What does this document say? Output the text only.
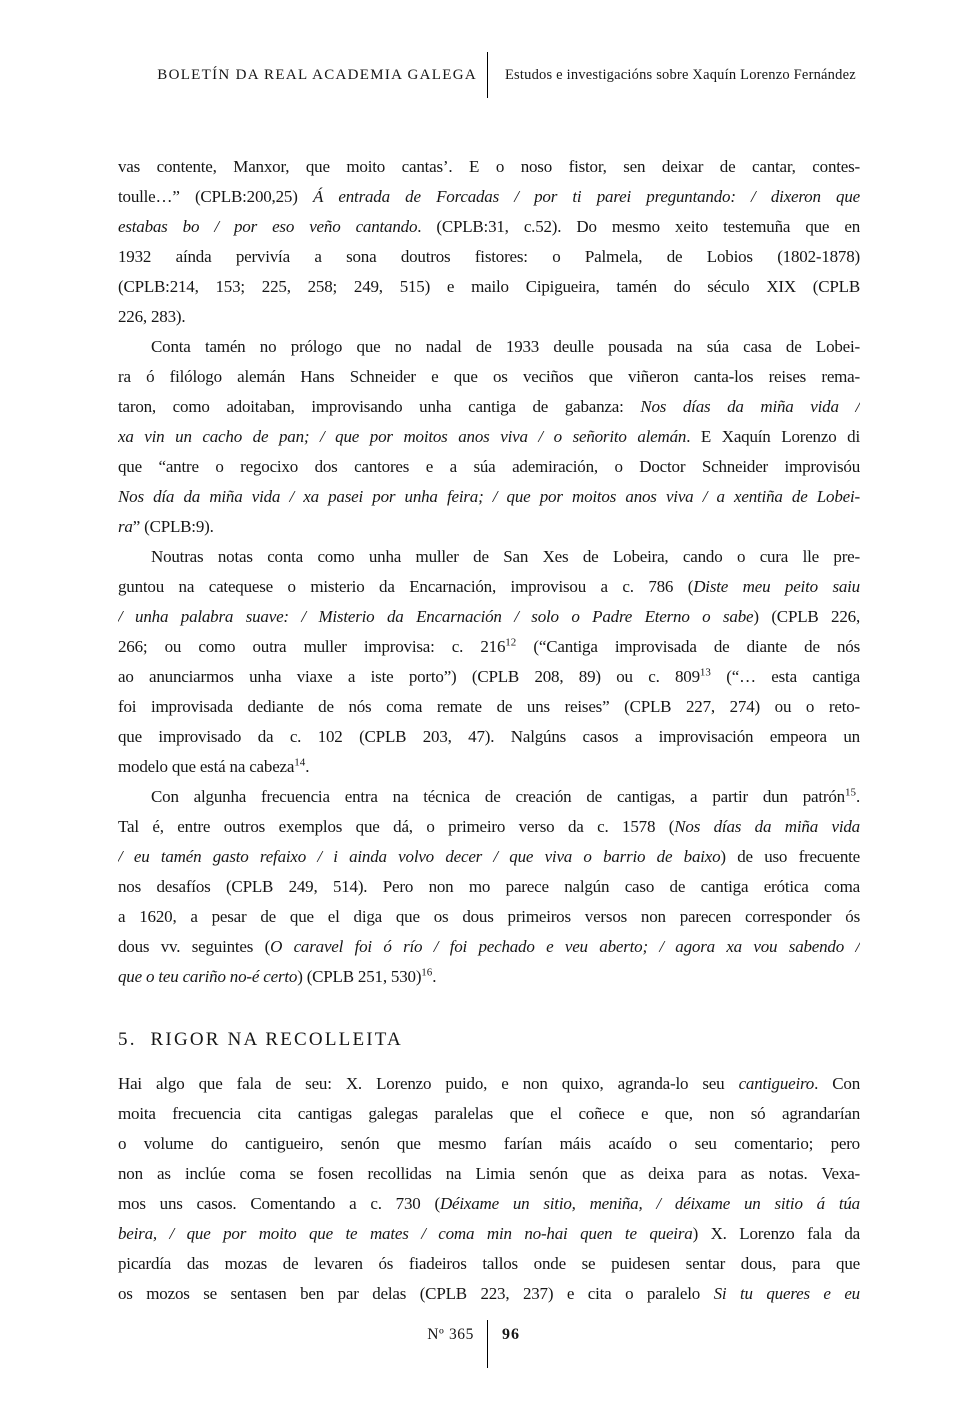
BOLETÍN DA REAL ACADEMIA GALEGA	Estudos e investigacións sobre Xaquín Lorenzo Fernández
vas contente, Manxor, que moito cantas’. E o noso fistor, sen deixar de cantar, contes-
toulle…” (CPLB:200,25) Á entrada de Forcadas / por ti parei preguntando: / dixeron que
estabas bo / por eso veño cantando. (CPLB:31, c.52). Do mesmo xeito testemuña que en
1932 aínda pervivía a sona doutros fistores: o Palmela, de Lobios (1802-1878)
(CPLB:214, 153; 225, 258; 249, 515) e mailo Cipigueira, tamén do século XIX (CPLB
226, 283).
Conta tamén no prólogo que no nadal de 1933 deulle pousada na súa casa de Lobei-
ra ó filólogo alemán Hans Schneider e que os veciños que viñeron canta-los reises rema-
taron, como adoitaban, improvisando unha cantiga de gabanza: Nos días da miña vida /
xa vin un cacho de pan; / que por moitos anos viva / o señorito alemán. E Xaquín Lorenzo di
que “antre o regocixo dos cantores e a súa ademiración, o Doctor Schneider improvisóu
Nos día da miña vida / xa pasei por unha feira; / que por moitos anos viva / a xentiña de Lobei-
ra” (CPLB:9).
Noutras notas conta como unha muller de San Xes de Lobeira, cando o cura lle pre-
guntou na catequese o misterio da Encarnación, improvisou a c. 786 (Diste meu peito saiu
/ unha palabra suave: / Misterio da Encarnación / solo o Padre Eterno o sabe) (CPLB 226,
266; ou como outra muller improvisa: c. $216^{12}$ (“Cantiga improvisada de diante de nós
ao anunciarmos unha viaxe a iste porto”) (CPLB 208, 89) ou c. $809^{13}$ (“… esta cantiga
foi improvisada dediante de nós coma remate de uns reises” (CPLB 227, 274) ou o reto-
que improvisado da c. 102 (CPLB 203, 47). Nalgúns casos a improvisación empeora un
modelo que está na cabeza$^{14}$.
Con algunha frecuencia entra na técnica de creación de cantigas, a partir dun patrón$^{15}$.
Tal é, entre outros exemplos que dá, o primeiro verso da c. 1578 (Nos días da miña vida
/ eu tamén gasto refaixo / i ainda volvo decer / que viva o barrio de baixo) de uso frecuente
nos desafíos (CPLB 249, 514). Pero non mo parece nalgún caso de cantiga erótica coma
a 1620, a pesar de que el diga que os dous primeiros versos non parecen corresponder ós
dous vv. seguintes (O caravel foi ó río / foi pechado e veu aberto; / agora xa vou sabendo /
que o teu cariño no-é certo) (CPLB 251, 530)$^{16}$.
5.  RIGOR NA RECOLLEITA
Hai algo que fala de seu: X. Lorenzo puido, e non quixo, agranda-lo seu cantigueiro. Con
moita frecuencia cita cantigas galegas paralelas que el coñece e que, non só agrandarían
o volume do cantigueiro, senón que mesmo farían máis acaído o seu comentario; pero
non as inclúe coma se fosen recollidas na Limia senón que as deixa para as notas. Vexa-
mos uns casos. Comentando a c. 730 (Déixame un sitio, meniña, / déixame un sitio á túa
beira, / que por moito que te mates / coma min no-hai quen te queira) X. Lorenzo fala da
picardía das mozas de levaren ós fiadeiros tallos onde se puidesen sentar dous, para que
os mozos se sentasen ben par delas (CPLB 223, 237) e cita o paralelo Si tu queres e eu
Nº 365	96
